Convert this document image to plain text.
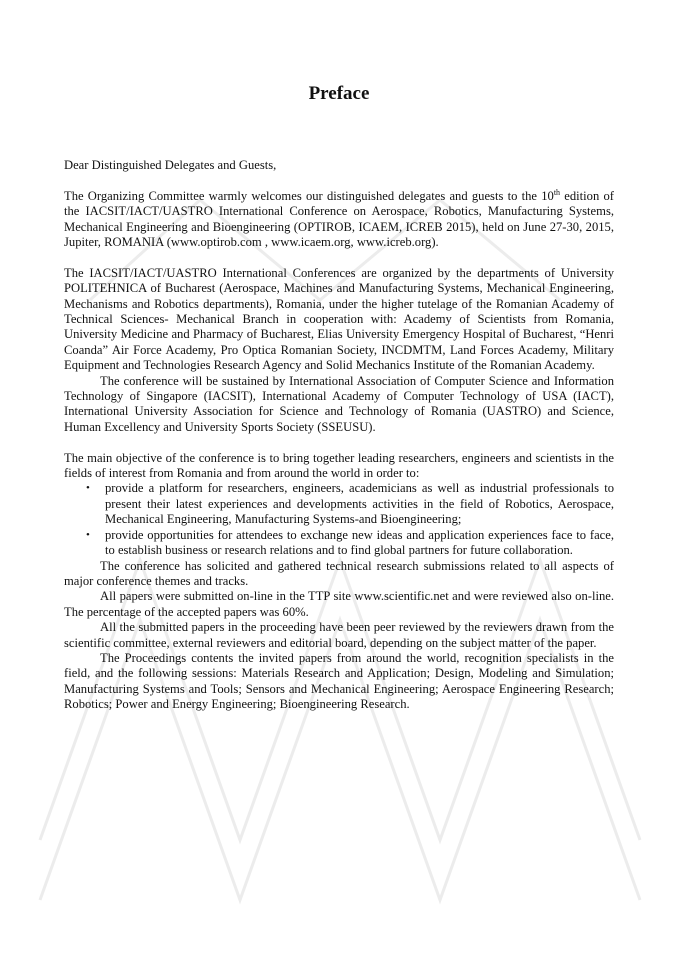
Preface

Dear Distinguished Delegates and Guests,

The Organizing Committee warmly welcomes our distinguished delegates and guests to the 10th edition of the IACSIT/IACT/UASTRO International Conference on Aerospace, Robotics, Manufacturing Systems, Mechanical Engineering and Bioengineering (OPTIROB, ICAEM, ICREB 2015), held on June 27-30, 2015, Jupiter, ROMANIA (www.optirob.com , www.icaem.org, www.icreb.org).

The IACSIT/IACT/UASTRO International Conferences are organized by the departments of University POLITEHNICA of Bucharest (Aerospace, Machines and Manufacturing Systems, Mechanical Engineering, Mechanisms and Robotics departments), Romania, under the higher tutelage of the Romanian Academy of Technical Sciences- Mechanical Branch in cooperation with: Academy of Scientists from Romania, University Medicine and Pharmacy of Bucharest, Elias University Emergency Hospital of Bucharest, “Henri Coanda” Air Force Academy, Pro Optica Romanian Society, INCDMTM, Land Forces Academy, Military Equipment and Technologies Research Agency and Solid Mechanics Institute of the Romanian Academy.

The conference will be sustained by International Association of Computer Science and Information Technology of Singapore (IACSIT), International Academy of Computer Technology of USA (IACT), International University Association for Science and Technology of Romania (UASTRO) and Science, Human Excellency and University Sports Society (SSEUSU).

The main objective of the conference is to bring together leading researchers, engineers and scientists in the fields of interest from Romania and from around the world in order to:

• provide a platform for researchers, engineers, academicians as well as industrial professionals to present their latest experiences and developments activities in the field of Robotics, Aerospace, Mechanical Engineering, Manufacturing Systems-and Bioengineering;
• provide opportunities for attendees to exchange new ideas and application experiences face to face, to establish business or research relations and to find global partners for future collaboration.

The conference has solicited and gathered technical research submissions related to all aspects of major conference themes and tracks.

All papers were submitted on-line in the TTP site www.scientific.net and were reviewed also on-line. The percentage of the accepted papers was 60%.

All the submitted papers in the proceeding have been peer reviewed by the reviewers drawn from the scientific committee, external reviewers and editorial board, depending on the subject matter of the paper.

The Proceedings contents the invited papers from around the world, recognition specialists in the field, and the following sessions: Materials Research and Application; Design, Modeling and Simulation; Manufacturing Systems and Tools; Sensors and Mechanical Engineering; Aerospace Engineering Research; Robotics; Power and Energy Engineering; Bioengineering Research.
